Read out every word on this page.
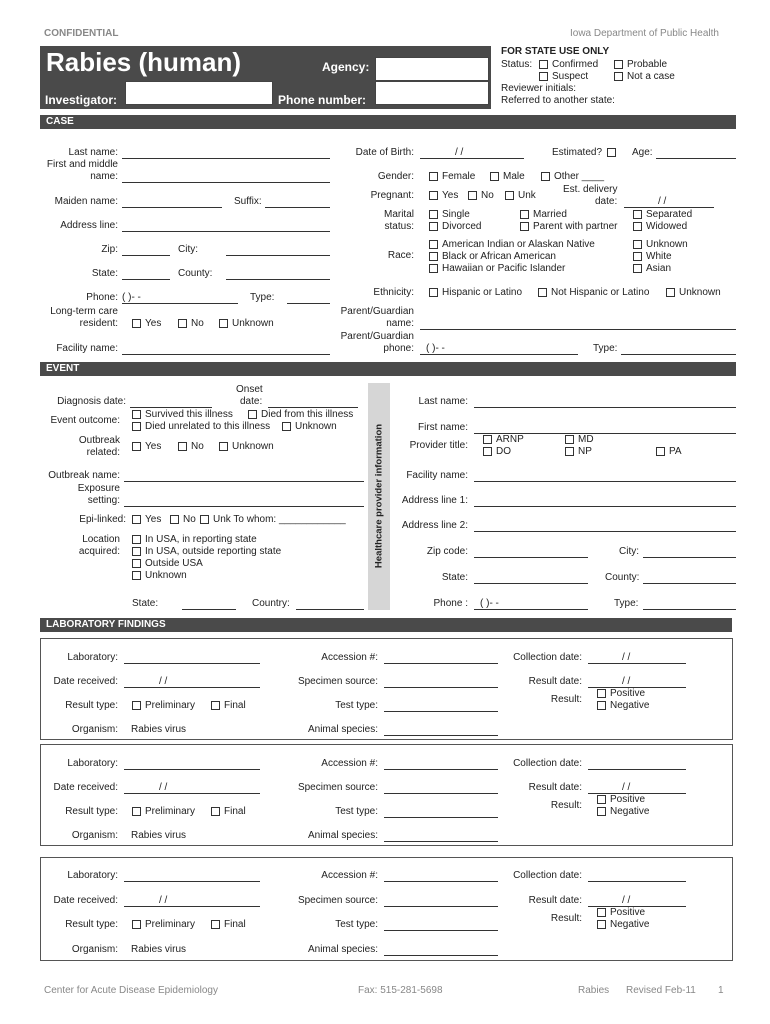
CONFIDENTIAL	Iowa Department of Public Health
Rabies (human)	Agency:
Investigator:	Phone number:
FOR STATE USE ONLY
Status: Confirmed	Probable
Suspect	Not a case
Reviewer initials:
Referred to another state:
CASE
Last name:
First and middle
name:
Maiden name:	Suffix:
Address line:
Zip:	City:
State:	County:
Phone: ( )- -	Type:
Long-term care
resident:	Yes	No	Unknown
Facility name:
Date of Birth:	/ /	Estimated?	Age:
Gender:	Female	Male	Other ____
Pregnant:	Yes No Unk
Est. delivery
date:	/ /
Marital
status:
Single	Married	Separated
Divorced	Parent with partner	Widowed
Race:
American Indian or Alaskan Native	Unknown
Black or African American	White
Hawaiian or Pacific Islander	Asian
Ethnicity:	Hispanic or Latino	Not Hispanic or Latino	Unknown
Parent/Guardian
name:
Parent/Guardian
phone: ( )- -	Type:
EVENT
Onset
Diagnosis date:	date:
Event outcome:
Survived this illness	Died from this illness
Died unrelated to this illness Unknown
Outbreak
related:
Yes	No	Unknown
Outbreak name:
Exposure
setting:
Epi-linked: Yes No Unk To whom: ____________
Location
acquired:
In USA, in reporting state
In USA, outside reporting state
Outside USA
Unknown
State:	Country:
Healthcare provider information
Last name:
First name:
Provider title:
ARNP	MD
DO	NP	PA
Facility name:
Address line 1:
Address line 2:
Zip code:	City:
State:	County:
Phone : ( )- -	Type:
LABORATORY FINDINGS
Laboratory:	Accession #:	Collection date:	/ /
Date received:	/ /	Specimen source:	Result date:	/ /
Result type:	Preliminary	Final	Test type:
Result:
Positive
Negative
Organism: Rabies virus	Animal species:
Laboratory:	Accession #:	Collection date:
Date received:	/ /	Specimen source:	Result date:	/ /
Result type:	Preliminary	Final	Test type:
Result:
Positive
Negative
Organism: Rabies virus	Animal species:
Laboratory:	Accession #:	Collection date:
Date received:	/ /	Specimen source:	Result date:	/ /
Result type:	Preliminary	Final	Test type:
Result:
Positive
Negative
Organism: Rabies virus	Animal species:
Center for Acute Disease Epidemiology	Fax: 515-281-5698	Rabies Revised Feb-11 1
